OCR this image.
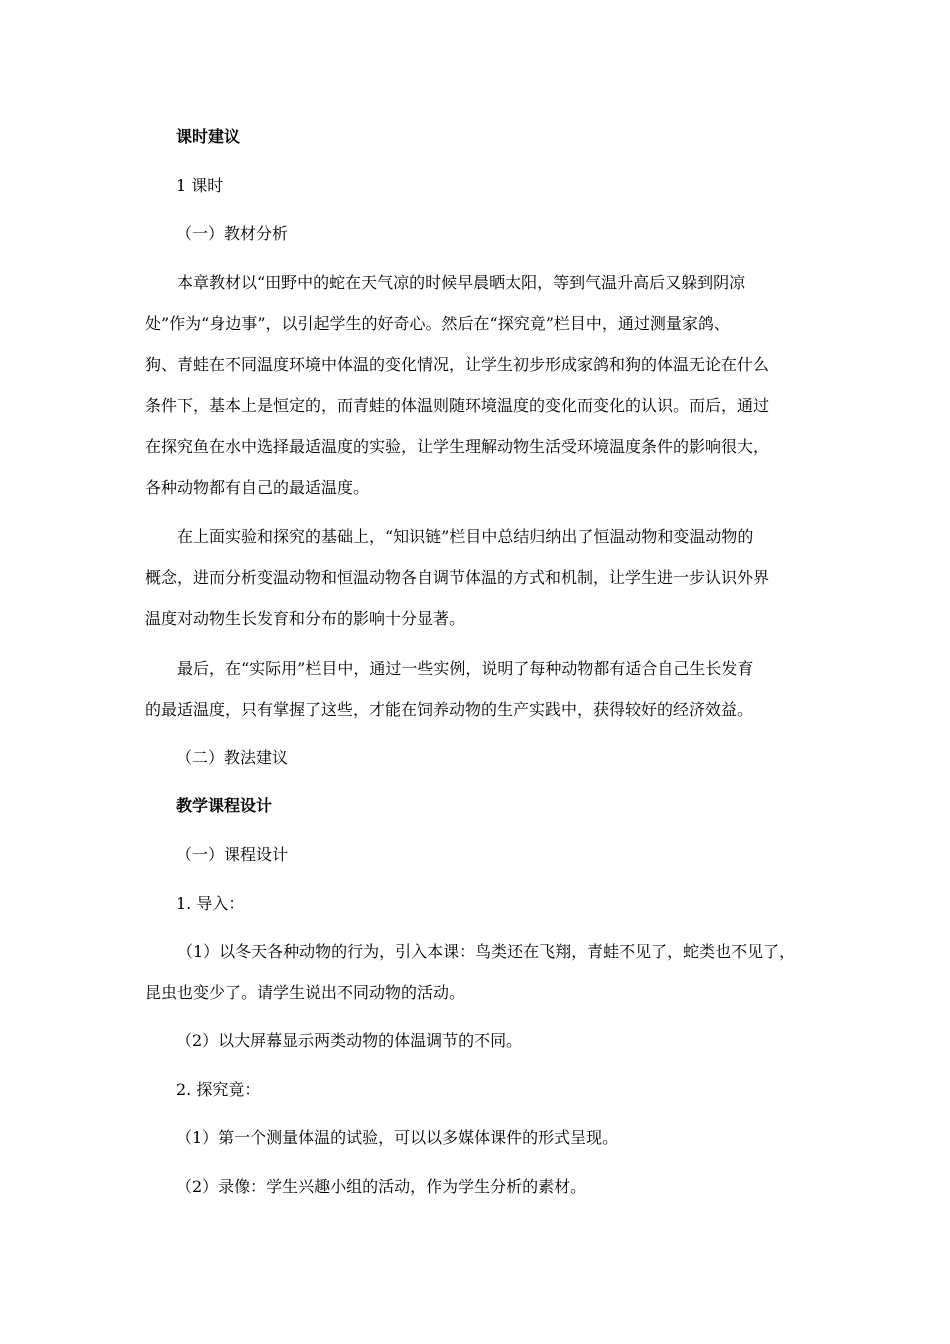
课时建议
1 课时
（一）教材分析
本章教材以“田野中的蛇在天气凉的时候早晨晒太阳，等到气温升高后又躲到阴凉
处”作为“身边事”，以引起学生的好奇心。然后在“探究竟”栏目中，通过测量家鸽、
狗、青蛙在不同温度环境中体温的变化情况，让学生初步形成家鸽和狗的体温无论在什么
条件下，基本上是恒定的，而青蛙的体温则随环境温度的变化而变化的认识。而后，通过
在探究鱼在水中选择最适温度的实验，让学生理解动物生活受环境温度条件的影响很大，
各种动物都有自己的最适温度。
在上面实验和探究的基础上，“知识链”栏目中总结归纳出了恒温动物和变温动物的
概念，进而分析变温动物和恒温动物各自调节体温的方式和机制，让学生进一步认识外界
温度对动物生长发育和分布的影响十分显著。
最后，在“实际用”栏目中，通过一些实例，说明了每种动物都有适合自己生长发育
的最适温度，只有掌握了这些，才能在饲养动物的生产实践中，获得较好的经济效益。
（二）教法建议
教学课程设计
（一）课程设计
1. 导入：
（1）以冬天各种动物的行为，引入本课：鸟类还在飞翔，青蛙不见了，蛇类也不见了，
昆虫也变少了。请学生说出不同动物的活动。
（2）以大屏幕显示两类动物的体温调节的不同。
2. 探究竟：
（1）第一个测量体温的试验，可以以多媒体课件的形式呈现。
（2）录像：学生兴趣小组的活动，作为学生分析的素材。
